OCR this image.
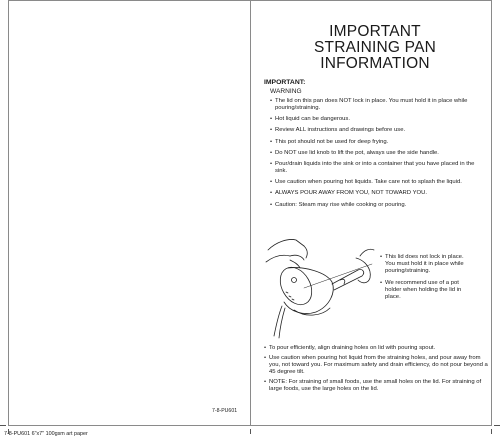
IMPORTANT
STRAINING PAN
INFORMATION
IMPORTANT:
WARNING
• The lid on this pan does NOT lock in place. You must hold it in place while pouring/straining.
• Hot liquid can be dangerous.
• Review ALL instructions and drawings before use.
• This pot should not be used for deep frying.
• Do NOT use lid knob to lift the pot, always use the side handle.
• Pour/drain liquids into the sink or into a container that you have placed in the sink.
• Use caution when pouring hot liquids. Take care not to splash the liquid.
• ALWAYS POUR AWAY FROM YOU, NOT TOWARD YOU.
• Caution: Steam may rise while cooking or pouring.
• This lid does not lock in place. You must hold it in place while pouring/straining.
• We recommend use of a pot holder when holding the lid in place.
• To pour efficiently, align draining holes on lid with pouring spout.
• Use caution when pouring hot liquid from the straining holes, and pour away from you, not toward you. For maximum safety and drain efficiency, do not pour beyond a 45 degree tilt.
• NOTE: For straining of small foods, use the small holes on the lid. For straining of large foods, use the large holes on the lid.
7-8-PU601
7-8-PU601 6"x7" 100gsm art paper
